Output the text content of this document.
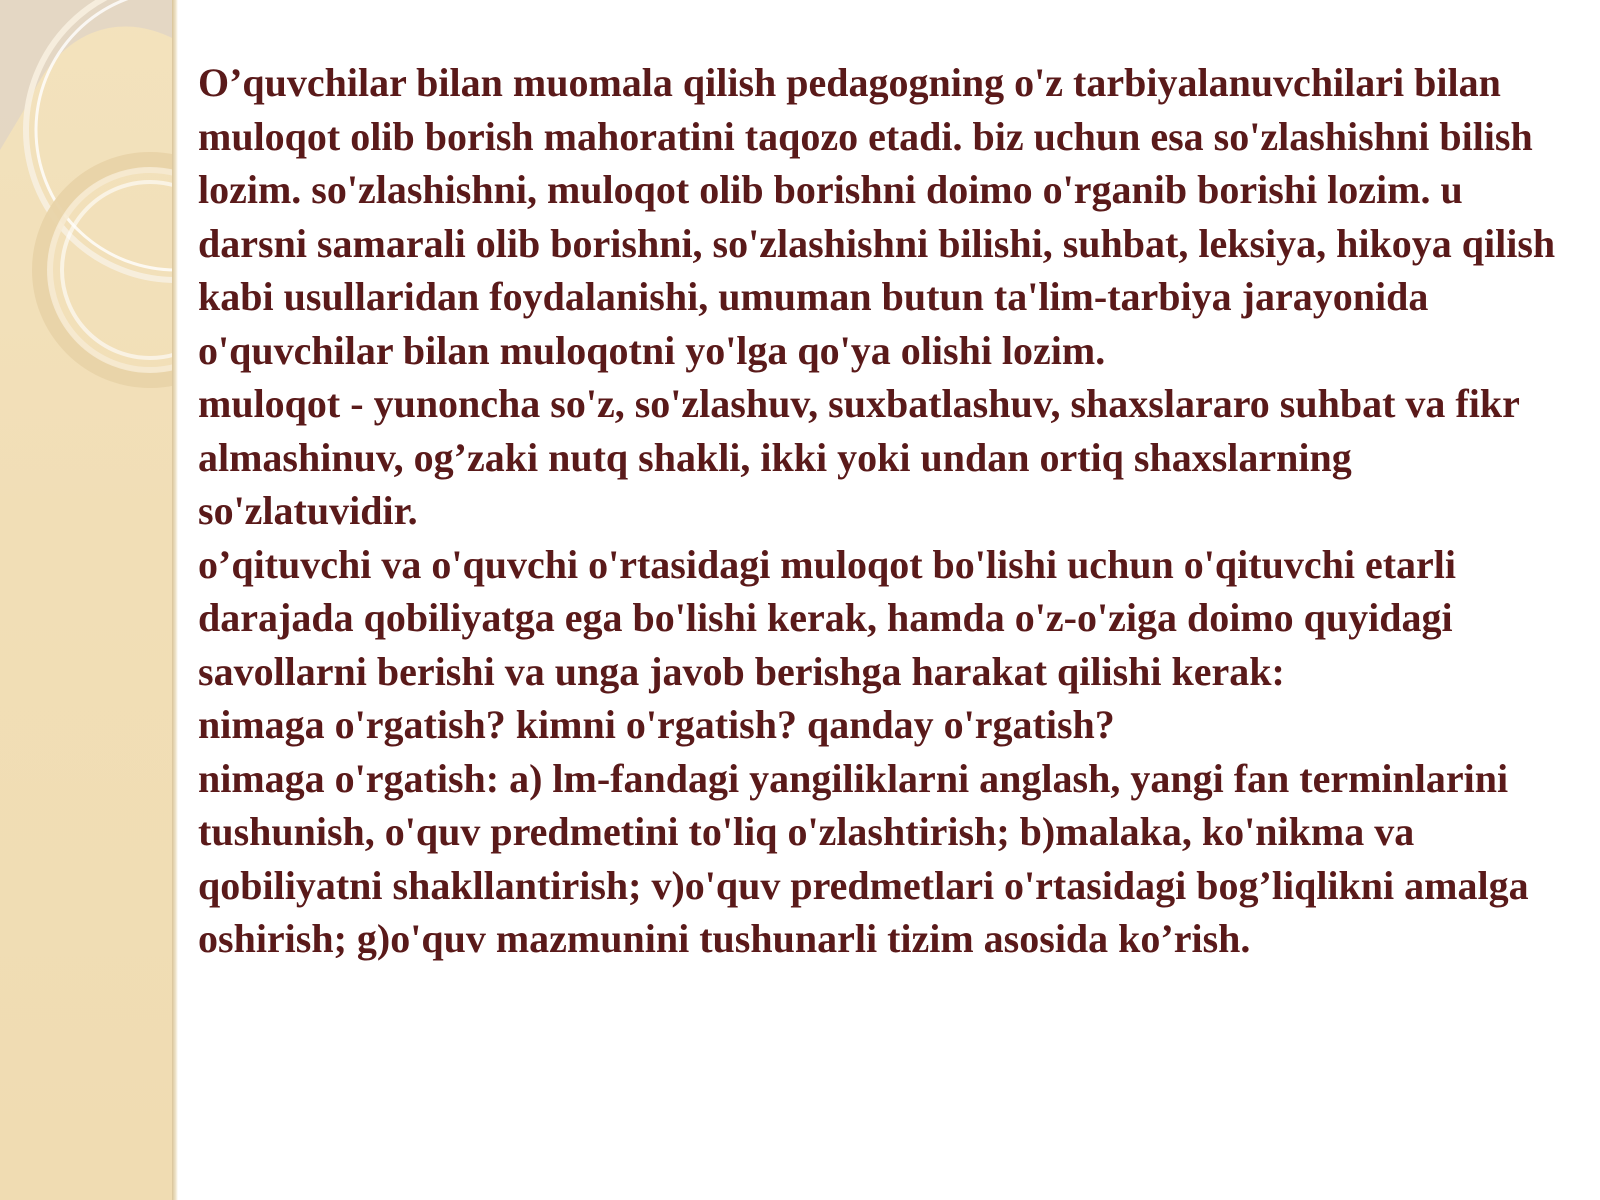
O’quvchilar bilan muomala qilish pedagogning o'z tarbiyalanuvchilari bilan muloqot olib borish mahoratini taqozo etadi. biz uchun esa so'zlashishni bilish lozim. so'zlashishni, muloqot olib borishni doimo o'rganib borishi lozim. u darsni samarali olib borishni, so'zlashishni bilishi, suhbat, leksiya, hikoya qilish kabi usullaridan foydalanishi, umuman butun ta'lim-tarbiya jarayonida o'quvchilar bilan muloqotni yo'lga qo'ya olishi lozim.

muloqot - yunoncha so'z, so'zlashuv, suxbatlashuv, shaxslararo suhbat va fikr almashinuv, og’zaki nutq shakli, ikki yoki undan ortiq shaxslarning so'zlatuvidir.

o’qituvchi va o'quvchi o'rtasidagi muloqot bo'lishi uchun o'qituvchi etarli darajada qobiliyatga ega bo'lishi kerak, hamda o'z-o'ziga doimo quyidagi savollarni berishi va unga javob berishga harakat qilishi kerak:

nimaga o'rgatish? kimni o'rgatish? qanday o'rgatish?

nimaga o'rgatish: a) lm-fandagi yangiliklarni anglash, yangi fan terminlarini tushunish, o'quv predmetini to'liq o'zlashtirish; b)malaka, ko'nikma va qobiliyatni shakllantirish; v)o'quv predmetlari o'rtasidagi bog’liqlikni amalga oshirish; g)o'quv mazmunini tushunarli tizim asosida ko’rish.
